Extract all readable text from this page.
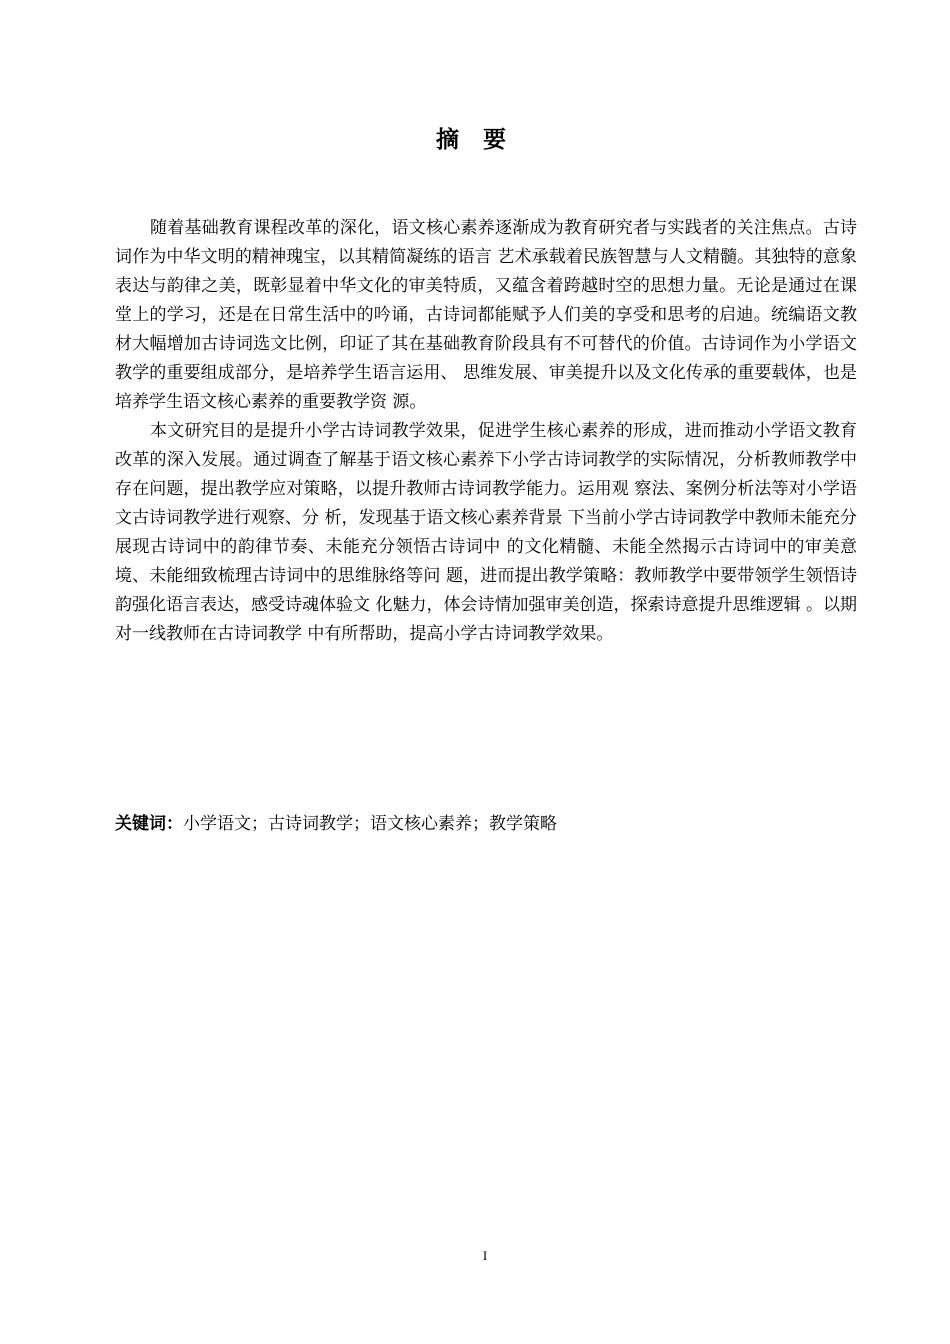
摘要

随着基础教育课程改革的深化，语文核心素养逐渐成为教育研究者与实践者的关注焦点。古诗词作为中华文明的精神瑰宝，以其精简凝练的语言 艺术承载着民族智慧与人文精髓。其独特的意象表达与韵律之美，既彰显着中华文化的审美特质，又蕴含着跨越时空的思想力量。无论是通过在课堂上的学习，还是在日常生活中的吟诵，古诗词都能赋予人们美的享受和思考的启迪。统编语文教材大幅增加古诗词选文比例，印证了其在基础教育阶段具有不可替代的价值。古诗词作为小学语文教学的重要组成部分，是培养学生语言运用、 思维发展、审美提升以及文化传承的重要载体，也是培养学生语文核心素养的重要教学资 源。

本文研究目的是提升小学古诗词教学效果，促进学生核心素养的形成，进而推动小学语文教育改革的深入发展。通过调查了解基于语文核心素养下小学古诗词教学的实际情况，分析教师教学中存在问题，提出教学应对策略，以提升教师古诗词教学能力。运用观 察法、案例分析法等对小学语文古诗词教学进行观察、分 析，发现基于语文核心素养背景 下当前小学古诗词教学中教师未能充分展现古诗词中的韵律节奏、未能充分领悟古诗词中 的文化精髓、未能全然揭示古诗词中的审美意境、未能细致梳理古诗词中的思维脉络等问 题，进而提出教学策略：教师教学中要带领学生领悟诗韵强化语言表达，感受诗魂体验文 化魅力，体会诗情加强审美创造，探索诗意提升思维逻辑 。以期对一线教师在古诗词教学 中有所帮助，提高小学古诗词教学效果。

关键词：小学语文；古诗词教学；语文核心素养；教学策略
I
